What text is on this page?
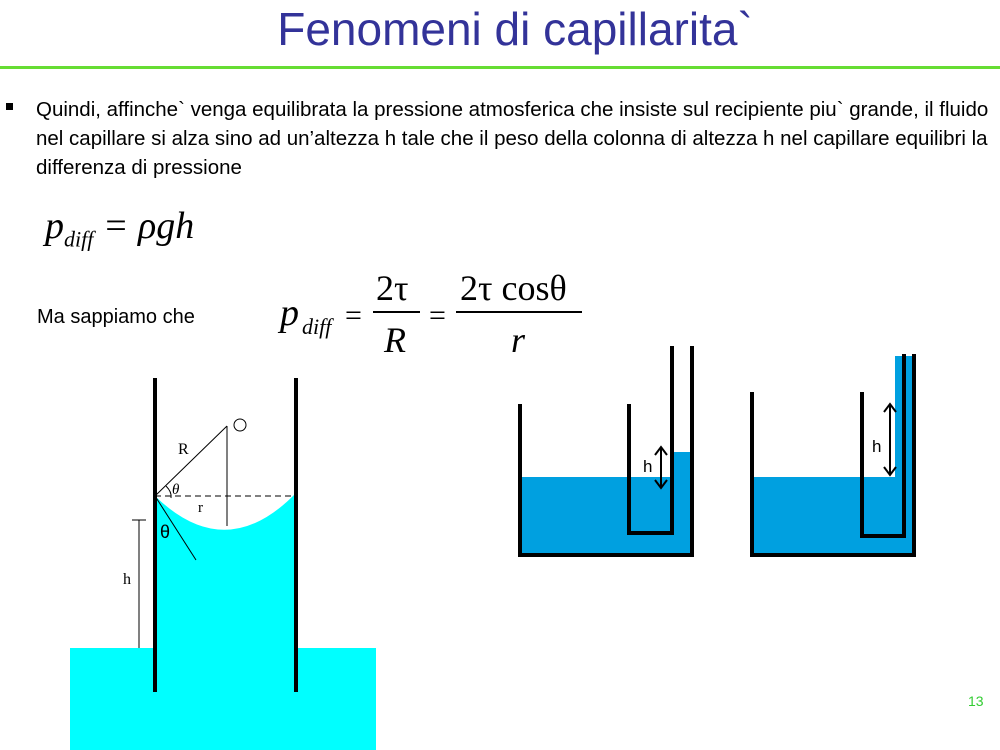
Fenomeni di capillarita`
Quindi, affinche` venga equilibrata la pressione atmosferica che insiste sul recipiente piu` grande, il fluido nel capillare si alza sino ad un’altezza h tale che il peso della colonna di altezza h nel capillare equilibri la differenza di pressione
$p_{diff} = \rho gh$
Ma sappiamo che p diff =
2τ
R
=
2τ cosθ
r
R
θ
r
θ
h
h
h
13
